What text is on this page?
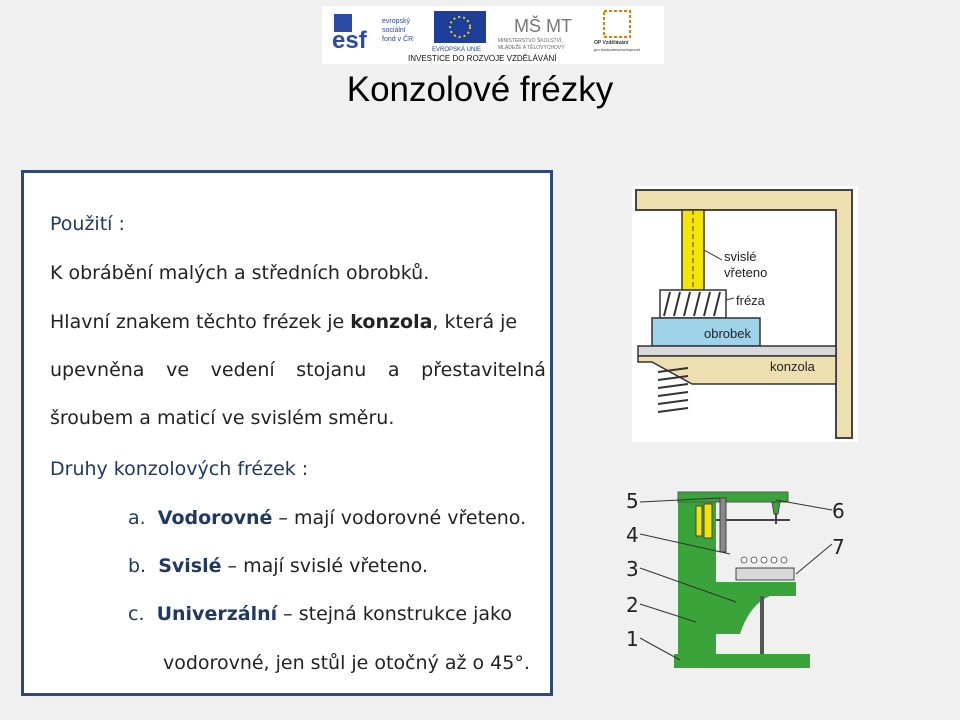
esf
evropský
sociální
fond v ČR
EVROPSKÁ UNIE
MŠ MT
MINISTERSTVO ŠKOLSTVÍ,
MLÁDEŽE A TĚLOVÝCHOVY
OP Vzdělávání
pro konkurenceschopnost
INVESTICE DO ROZVOJE VZDĚLÁVÁNÍ
Konzolové frézky
Použití :
K obrábění malých a středních obrobků.
Hlavní znakem těchto frézek je konzola, která je
upevněna ve vedení stojanu a přestavitelná
šroubem a maticí ve svislém směru.
Druhy konzolových frézek :
a. Vodorovné – mají vodorovné vřeteno.
b. Svislé – mají svislé vřeteno.
c. Univerzální – stejná konstrukce jako
vodorovné, jen stůl je otočný až o 45°.
svislé
vřeteno
fréza
obrobek
konzola
5
4
3
2
1
6
7
